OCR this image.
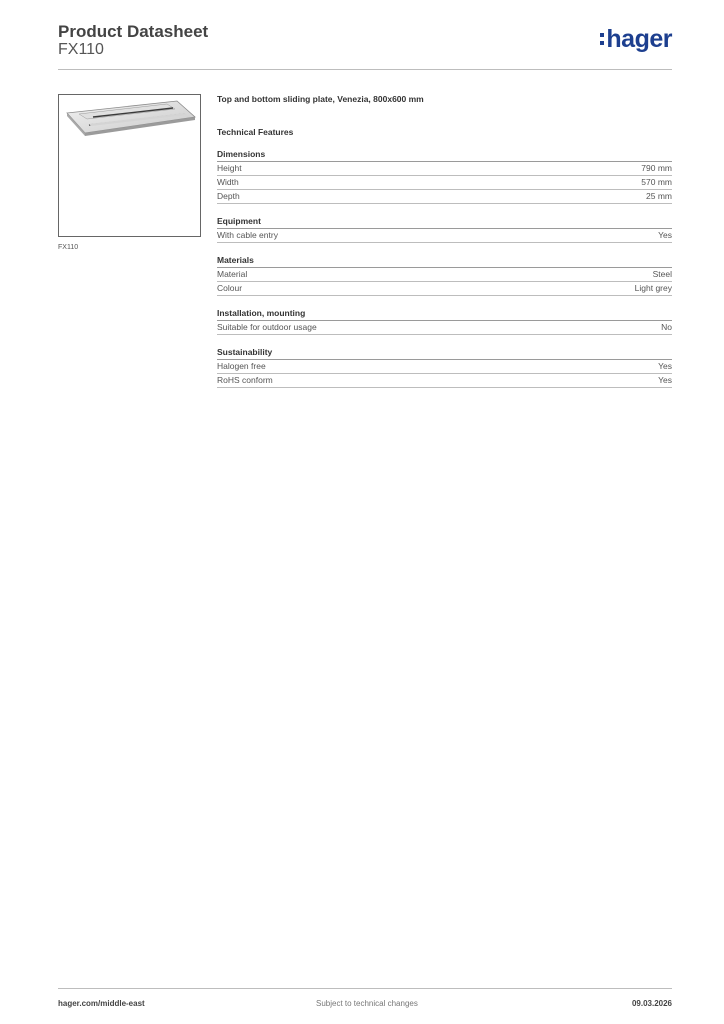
Product Datasheet
FX110	hager
FX110
Top and bottom sliding plate, Venezia, 800x600 mm
Technical Features
Dimensions
Height	790 mm
Width	570 mm
Depth	25 mm
Equipment
With cable entry	Yes
Materials
Material	Steel
Colour	Light grey
Installation, mounting
Suitable for outdoor usage	No
Sustainability
Halogen free	Yes
RoHS conform	Yes
hager.com/middle-east	Subject to technical changes	09.03.2026
